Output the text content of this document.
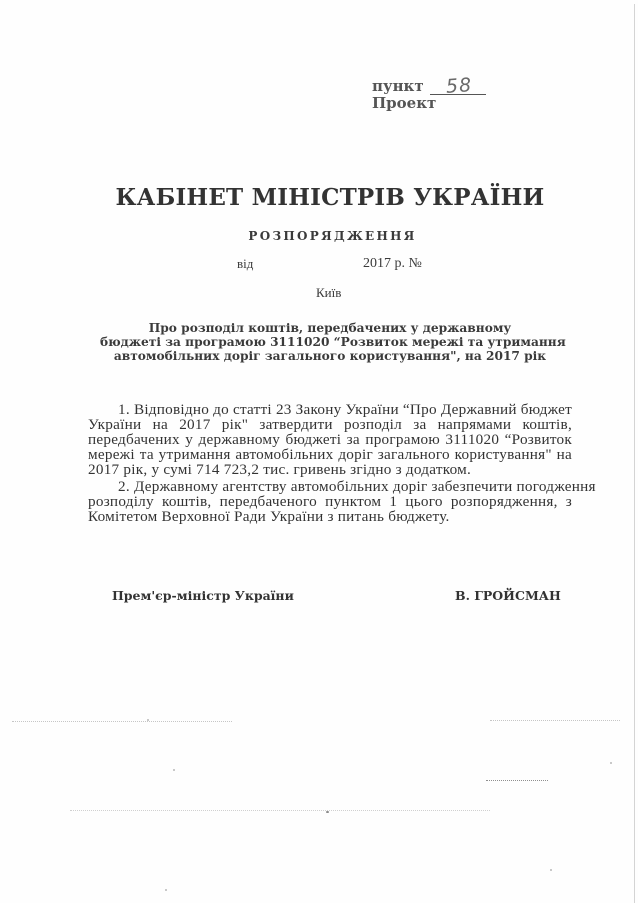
пункт 58
Проект
КАБІНЕТ МІНІСТРІВ УКРАЇНИ
РОЗПОРЯДЖЕННЯ
від	2017 р. №
Київ
Про розподіл коштів, передбачених у державному
бюджеті за програмою 3111020 “Розвиток мережі та утримання
автомобільних доріг загального користування", на 2017 рік
1. Відповідно до статті 23 Закону України “Про Державний бюджет
України на 2017 рік" затвердити розподіл за напрямами коштів,
передбачених у державному бюджеті за програмою 3111020 “Розвиток
мережі та утримання автомобільних доріг загального користування" на
2017 рік, у сумі 714 723,2 тис. гривень згідно з додатком.
2. Державному агентству автомобільних доріг забезпечити погодження
розподілу коштів, передбаченого пунктом 1 цього розпорядження, з
Комітетом Верховної Ради України з питань бюджету.
Прем'єр-міністр України	В. ГРОЙСМАН
